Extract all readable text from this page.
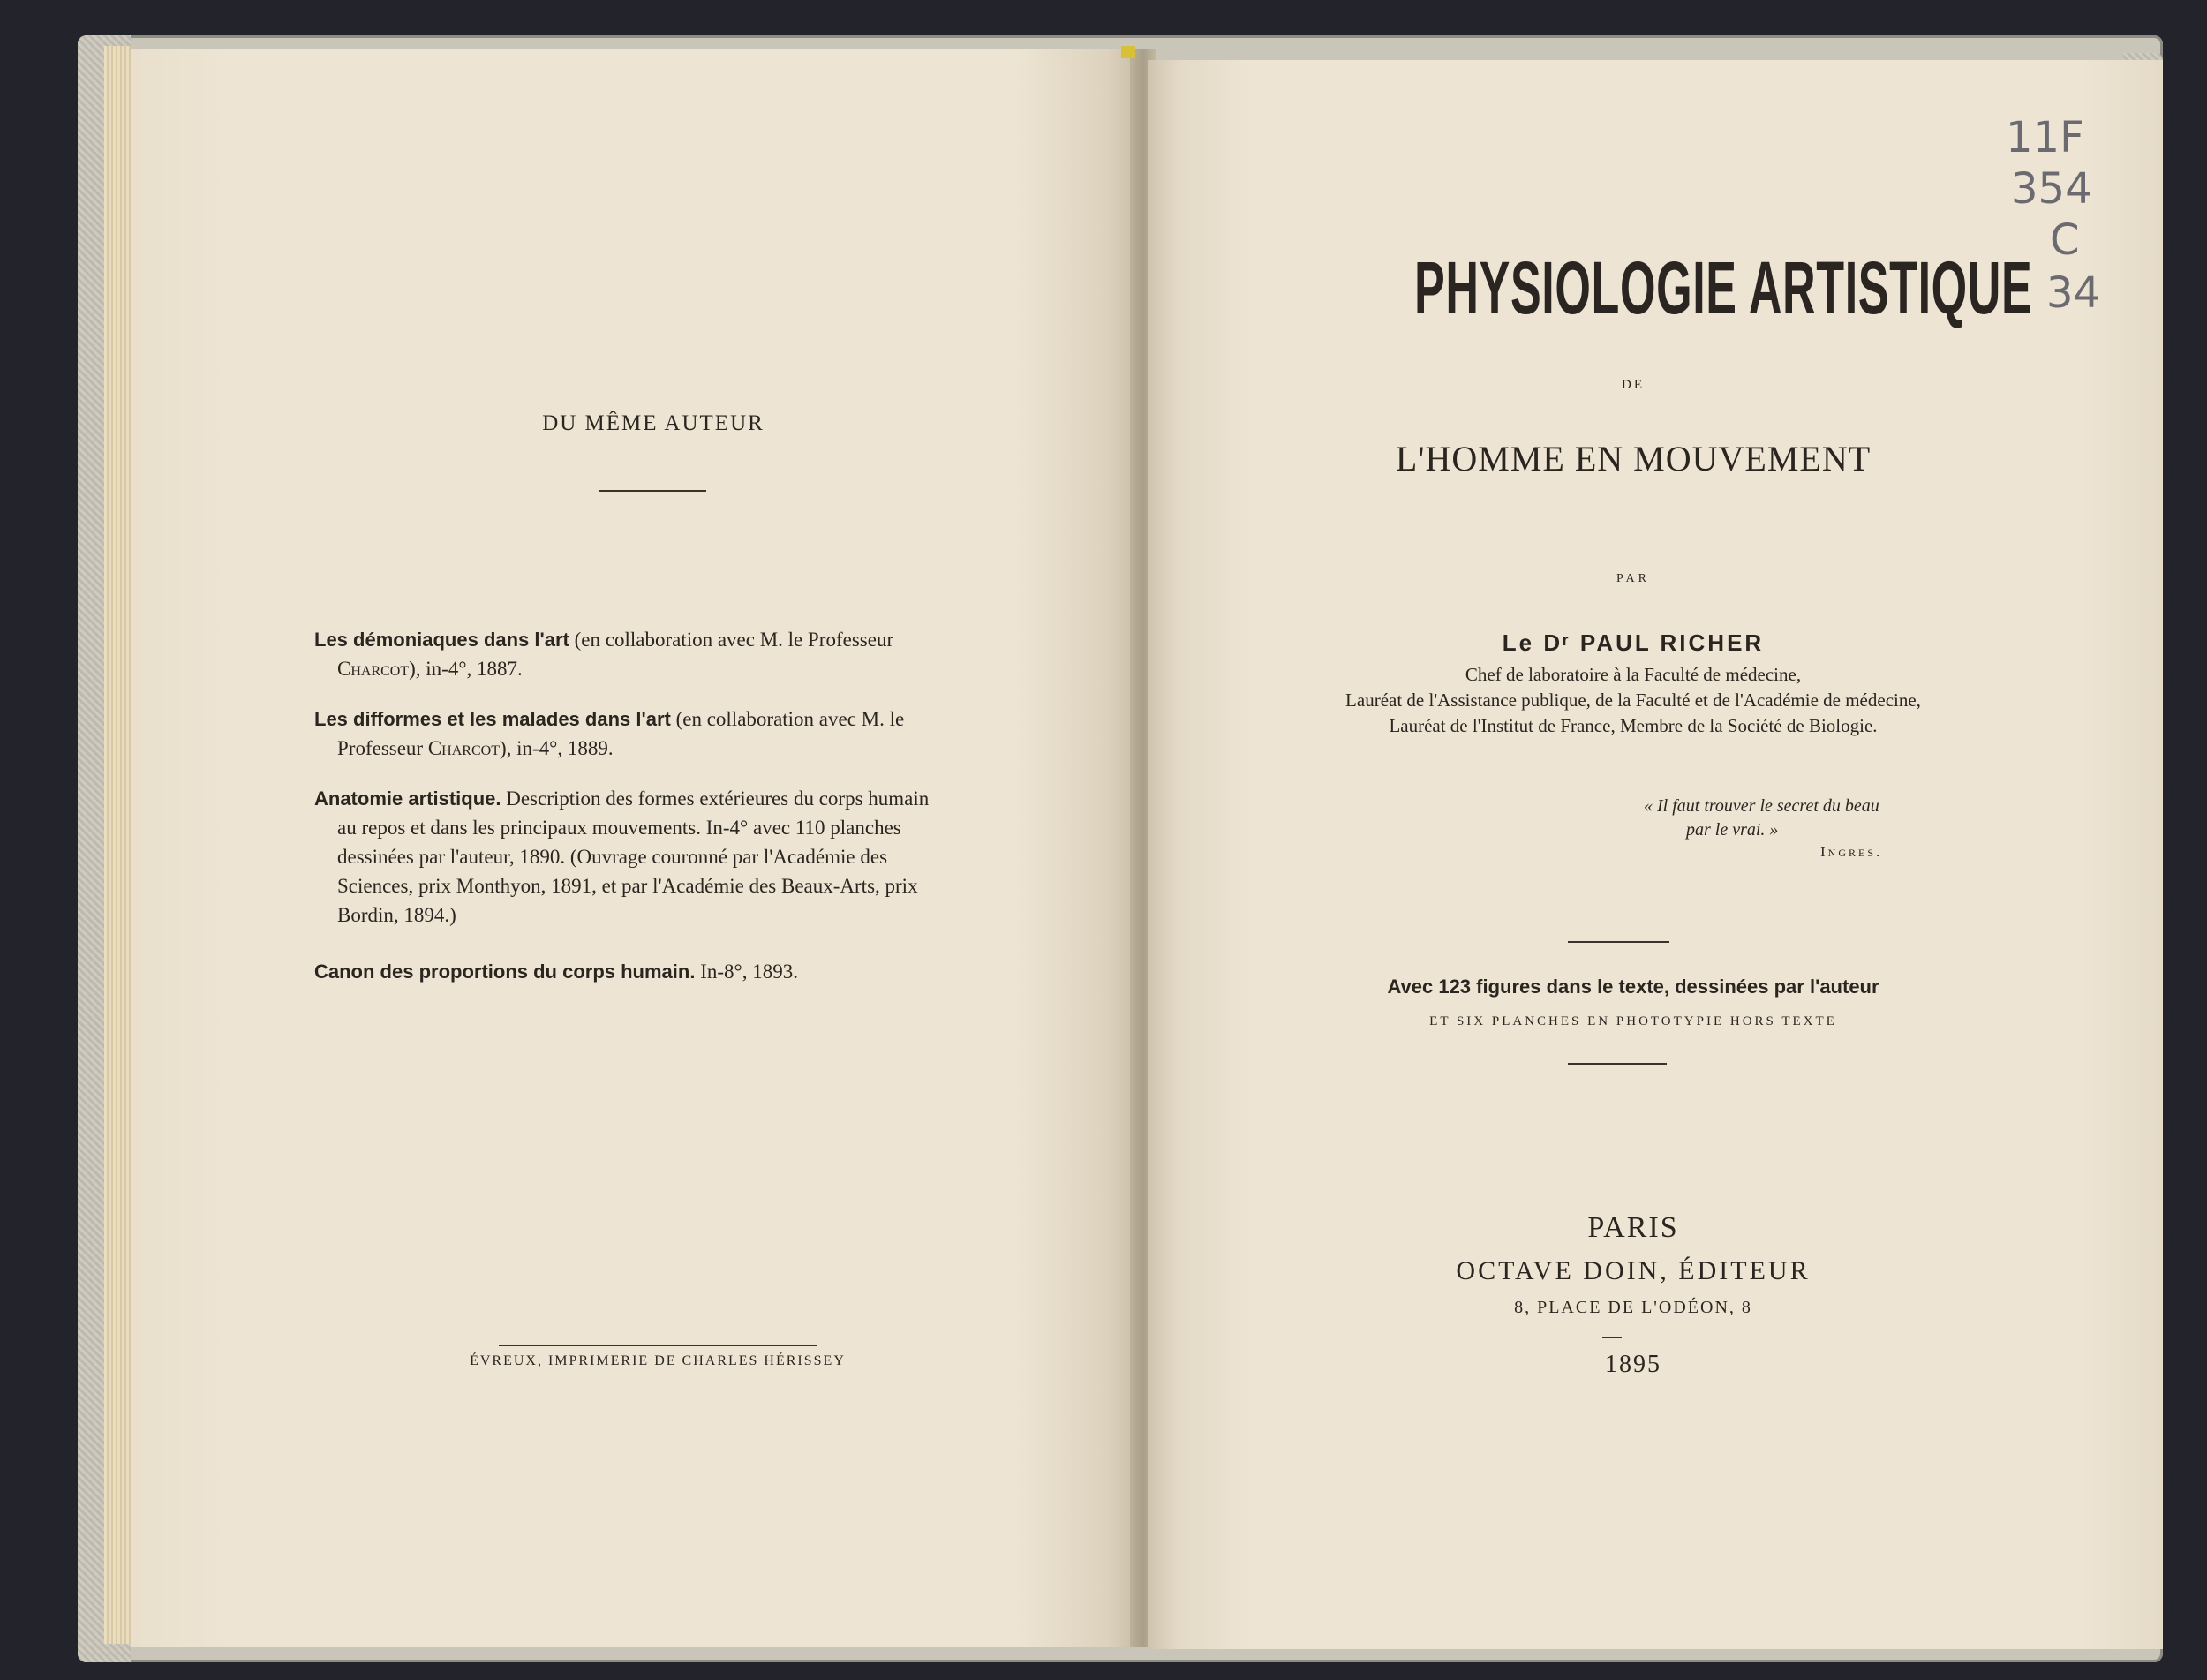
DU MÊME AUTEUR
Les démoniaques dans l'art (en collaboration avec M. le Professeur
Charcot), in-4°, 1887.
Les difformes et les malades dans l'art (en collaboration avec M. le
Professeur Charcot), in-4°, 1889.
Anatomie artistique. Description des formes extérieures du corps humain
au repos et dans les principaux mouvements. In-4° avec 110 planches
dessinées par l'auteur, 1890. (Ouvrage couronné par l'Académie des
Sciences, prix Monthyon, 1891, et par l'Académie des Beaux-Arts, prix
Bordin, 1894.)
Canon des proportions du corps humain. In-8°, 1893.
ÉVREUX, IMPRIMERIE DE CHARLES HÉRISSEY
PHYSIOLOGIE ARTISTIQUE
DE
L'HOMME EN MOUVEMENT
PAR
Le Dʳ PAUL RICHER
Chef de laboratoire à la Faculté de médecine,
Lauréat de l'Assistance publique, de la Faculté et de l'Académie de médecine,
Lauréat de l'Institut de France, Membre de la Société de Biologie.
« Il faut trouver le secret du beau
par le vrai. »
Ingres.
Avec 123 figures dans le texte, dessinées par l'auteur
ET SIX PLANCHES EN PHOTOTYPIE HORS TEXTE
PARIS
OCTAVE DOIN, ÉDITEUR
8, PLACE DE L'ODÉON, 8
1895
11F
354
C
34
